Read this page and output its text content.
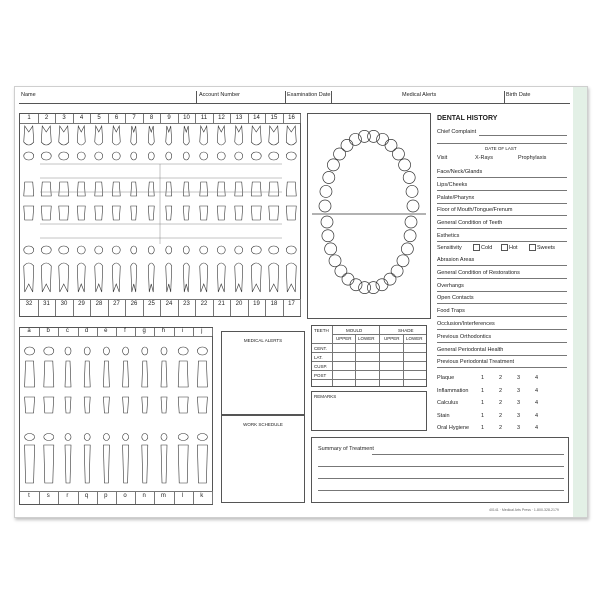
Name	Account Number	Examination Date	Medical Alerts	Birth Date
1	2	3	4	5	6	7	8	9	10	11	12	13	14	15	16
32	31	30	29	28	27	26	25	24	23	22	21	20	19	18	17
a	b	c	d	e	f	g	h	i	j
t	s	r	q	p	o	n	m	l	k
MEDICAL ALERTS
WORK SCHEDULE
TEETH	MOULD	SHADE
UPPER LOWER UPPER LOWER
CENT.
LAT.
CUSP.
POST
REMARKS
Summary of Treatment
DENTAL HISTORY
Chief Complaint
DATE OF LAST
Visit	X-Rays	Prophylaxis
Face/Neck/Glands
Lips/Cheeks
Palate/Pharynx
Floor of Mouth/Tongue/Frenum
General Condition of Teeth
Esthetics
Sensitivity	Cold	Hot	Sweets
Abrasion Areas
General Condition of Restorations
Overhangs
Open Contacts
Food Traps
Occlusion/Interferences
Previous Orthodontics
General Periodontal Health
Previous Periodontal Treatment
Plaque	1	2	3	4
Inflammation 1	2	3	4
Calculus	1	2	3	4
Stain	1	2	3	4
Oral Hygiene 1	2	3	4
40141 · Medical Arts Press · 1-800-328-2179
